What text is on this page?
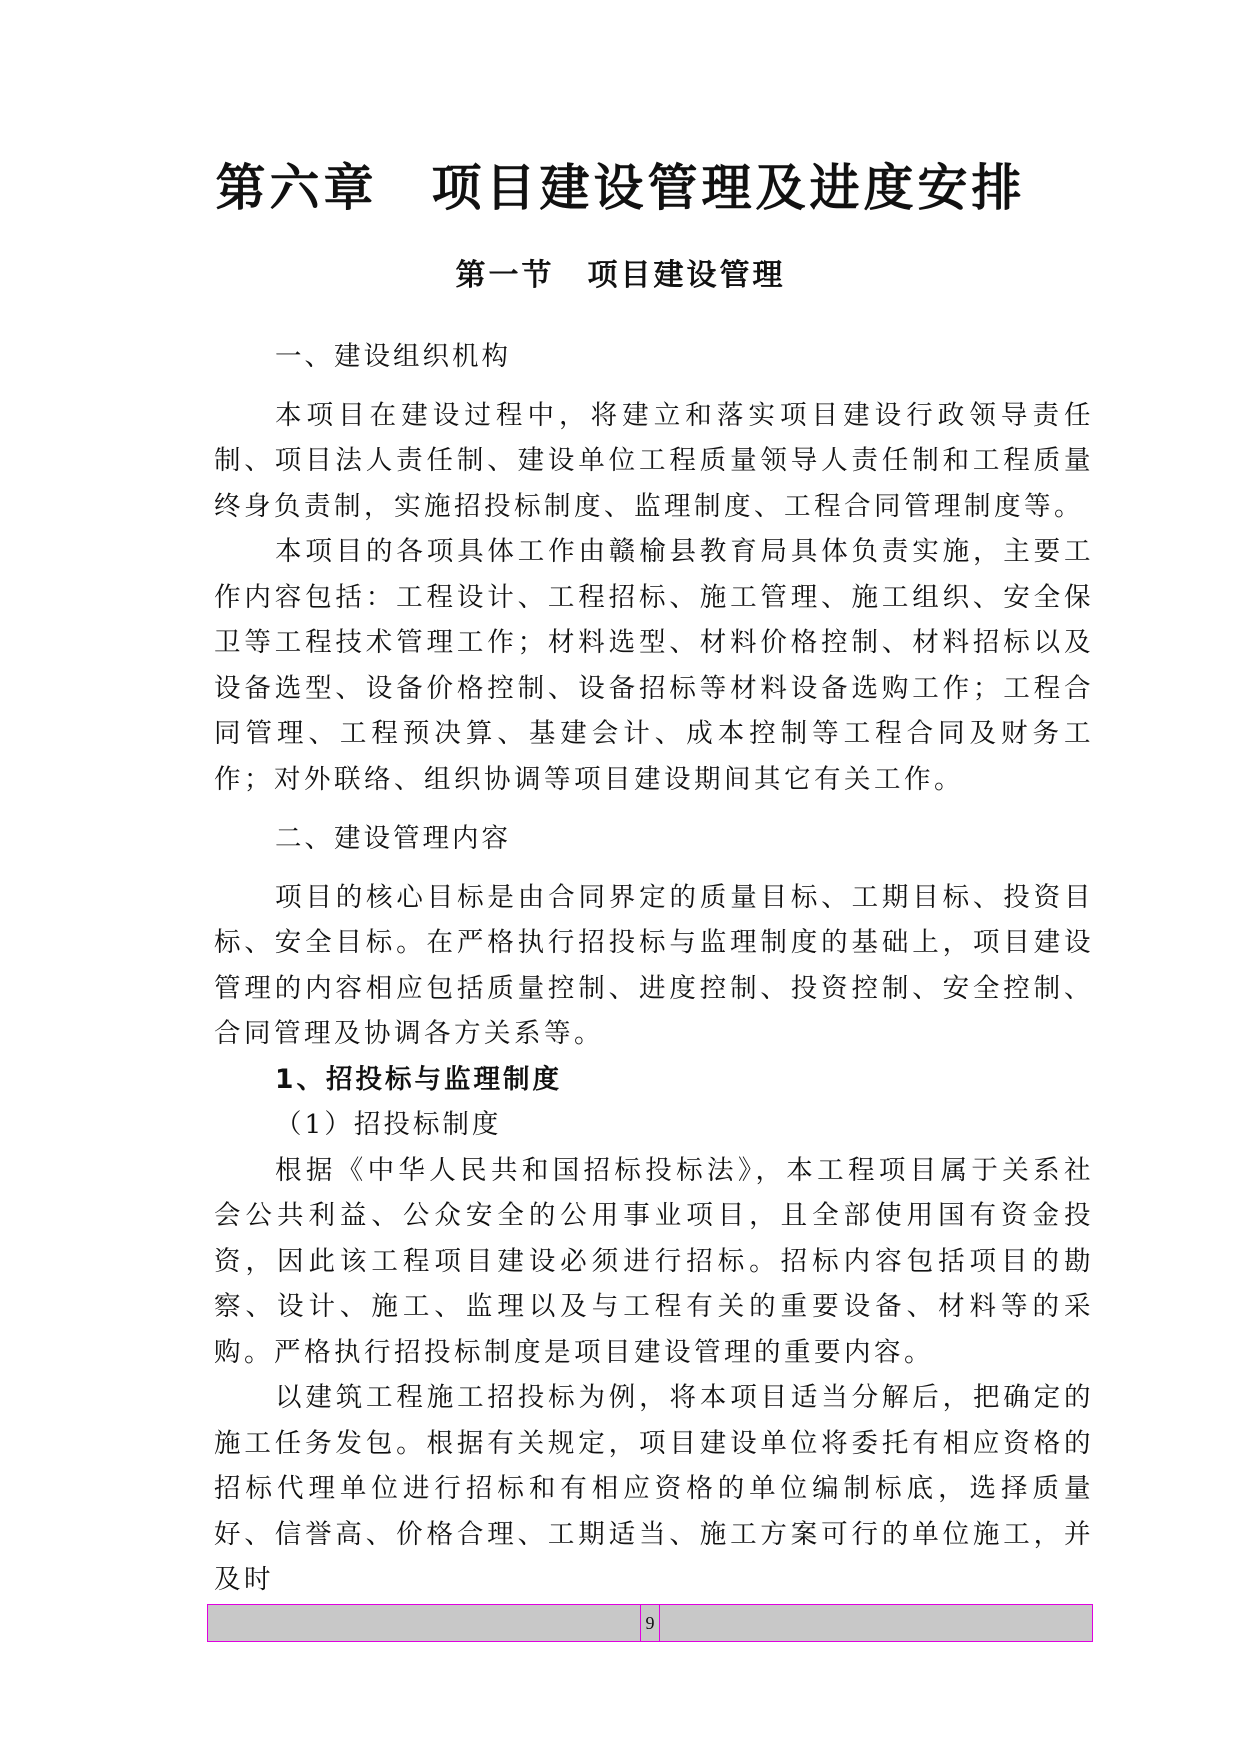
第六章　项目建设管理及进度安排
第一节　项目建设管理

一、建设组织机构

本项目在建设过程中，将建立和落实项目建设行政领导责任制、项目法人责任制、建设单位工程质量领导人责任制和工程质量终身负责制，实施招投标制度、监理制度、工程合同管理制度等。

本项目的各项具体工作由赣榆县教育局具体负责实施，主要工作内容包括：工程设计、工程招标、施工管理、施工组织、安全保卫等工程技术管理工作；材料选型、材料价格控制、材料招标以及设备选型、设备价格控制、设备招标等材料设备选购工作；工程合同管理、工程预决算、基建会计、成本控制等工程合同及财务工作；对外联络、组织协调等项目建设期间其它有关工作。

二、建设管理内容

项目的核心目标是由合同界定的质量目标、工期目标、投资目标、安全目标。在严格执行招投标与监理制度的基础上，项目建设管理的内容相应包括质量控制、进度控制、投资控制、安全控制、合同管理及协调各方关系等。

1、招投标与监理制度

（1）招投标制度

根据《中华人民共和国招标投标法》，本工程项目属于关系社会公共利益、公众安全的公用事业项目，且全部使用国有资金投资，因此该工程项目建设必须进行招标。招标内容包括项目的勘察、设计、施工、监理以及与工程有关的重要设备、材料等的采购。严格执行招投标制度是项目建设管理的重要内容。

以建筑工程施工招投标为例，将本项目适当分解后，把确定的施工任务发包。根据有关规定，项目建设单位将委托有相应资格的招标代理单位进行招标和有相应资格的单位编制标底，选择质量好、信誉高、价格合理、工期适当、施工方案可行的单位施工，并及时

9
